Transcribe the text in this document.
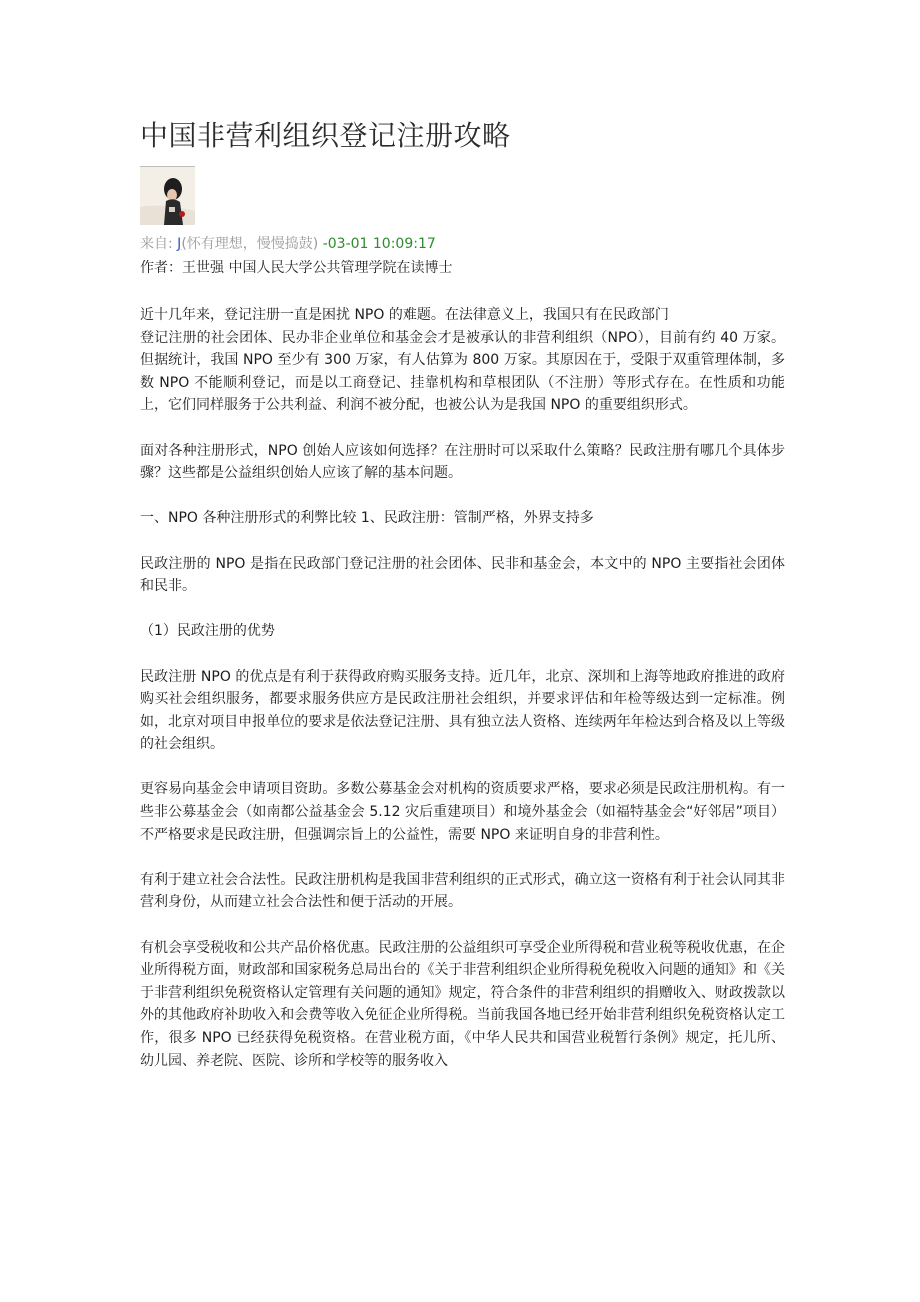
中国非营利组织登记注册攻略
来自: J(怀有理想，慢慢捣鼓) -03-01 10:09:17
作者：王世强 中国人民大学公共管理学院在读博士

近十几年来，登记注册一直是困扰 NPO 的难题。在法律意义上，我国只有在民政部门
登记注册的社会团体、民办非企业单位和基金会才是被承认的非营利组织（NPO），目前有约 40 万家。但据统计，我国 NPO 至少有 300 万家，有人估算为 800 万家。其原因在于，受限于双重管理体制，多数 NPO 不能顺利登记，而是以工商登记、挂靠机构和草根团队（不注册）等形式存在。在性质和功能上，它们同样服务于公共利益、利润不被分配，也被公认为是我国 NPO 的重要组织形式。

面对各种注册形式，NPO 创始人应该如何选择？在注册时可以采取什么策略？民政注册有哪几个具体步骤？这些都是公益组织创始人应该了解的基本问题。

一、NPO 各种注册形式的利弊比较 1、民政注册：管制严格，外界支持多

民政注册的 NPO 是指在民政部门登记注册的社会团体、民非和基金会，本文中的 NPO 主要指社会团体和民非。

（1）民政注册的优势

民政注册 NPO 的优点是有利于获得政府购买服务支持。近几年，北京、深圳和上海等地政府推进的政府购买社会组织服务，都要求服务供应方是民政注册社会组织，并要求评估和年检等级达到一定标准。例如，北京对项目申报单位的要求是依法登记注册、具有独立法人资格、连续两年年检达到合格及以上等级的社会组织。

更容易向基金会申请项目资助。多数公募基金会对机构的资质要求严格，要求必须是民政注册机构。有一些非公募基金会（如南都公益基金会 5.12 灾后重建项目）和境外基金会（如福特基金会“好邻居”项目）不严格要求是民政注册，但强调宗旨上的公益性，需要 NPO 来证明自身的非营利性。

有利于建立社会合法性。民政注册机构是我国非营利组织的正式形式，确立这一资格有利于社会认同其非营利身份，从而建立社会合法性和便于活动的开展。

有机会享受税收和公共产品价格优惠。民政注册的公益组织可享受企业所得税和营业税等税收优惠，在企业所得税方面，财政部和国家税务总局出台的《关于非营利组织企业所得税免税收入问题的通知》和《关于非营利组织免税资格认定管理有关问题的通知》规定，符合条件的非营利组织的捐赠收入、财政拨款以外的其他政府补助收入和会费等收入免征企业所得税。当前我国各地已经开始非营利组织免税资格认定工作，很多 NPO 已经获得免税资格。在营业税方面，《中华人民共和国营业税暂行条例》规定，托儿所、幼儿园、养老院、医院、诊所和学校等的服务收入
